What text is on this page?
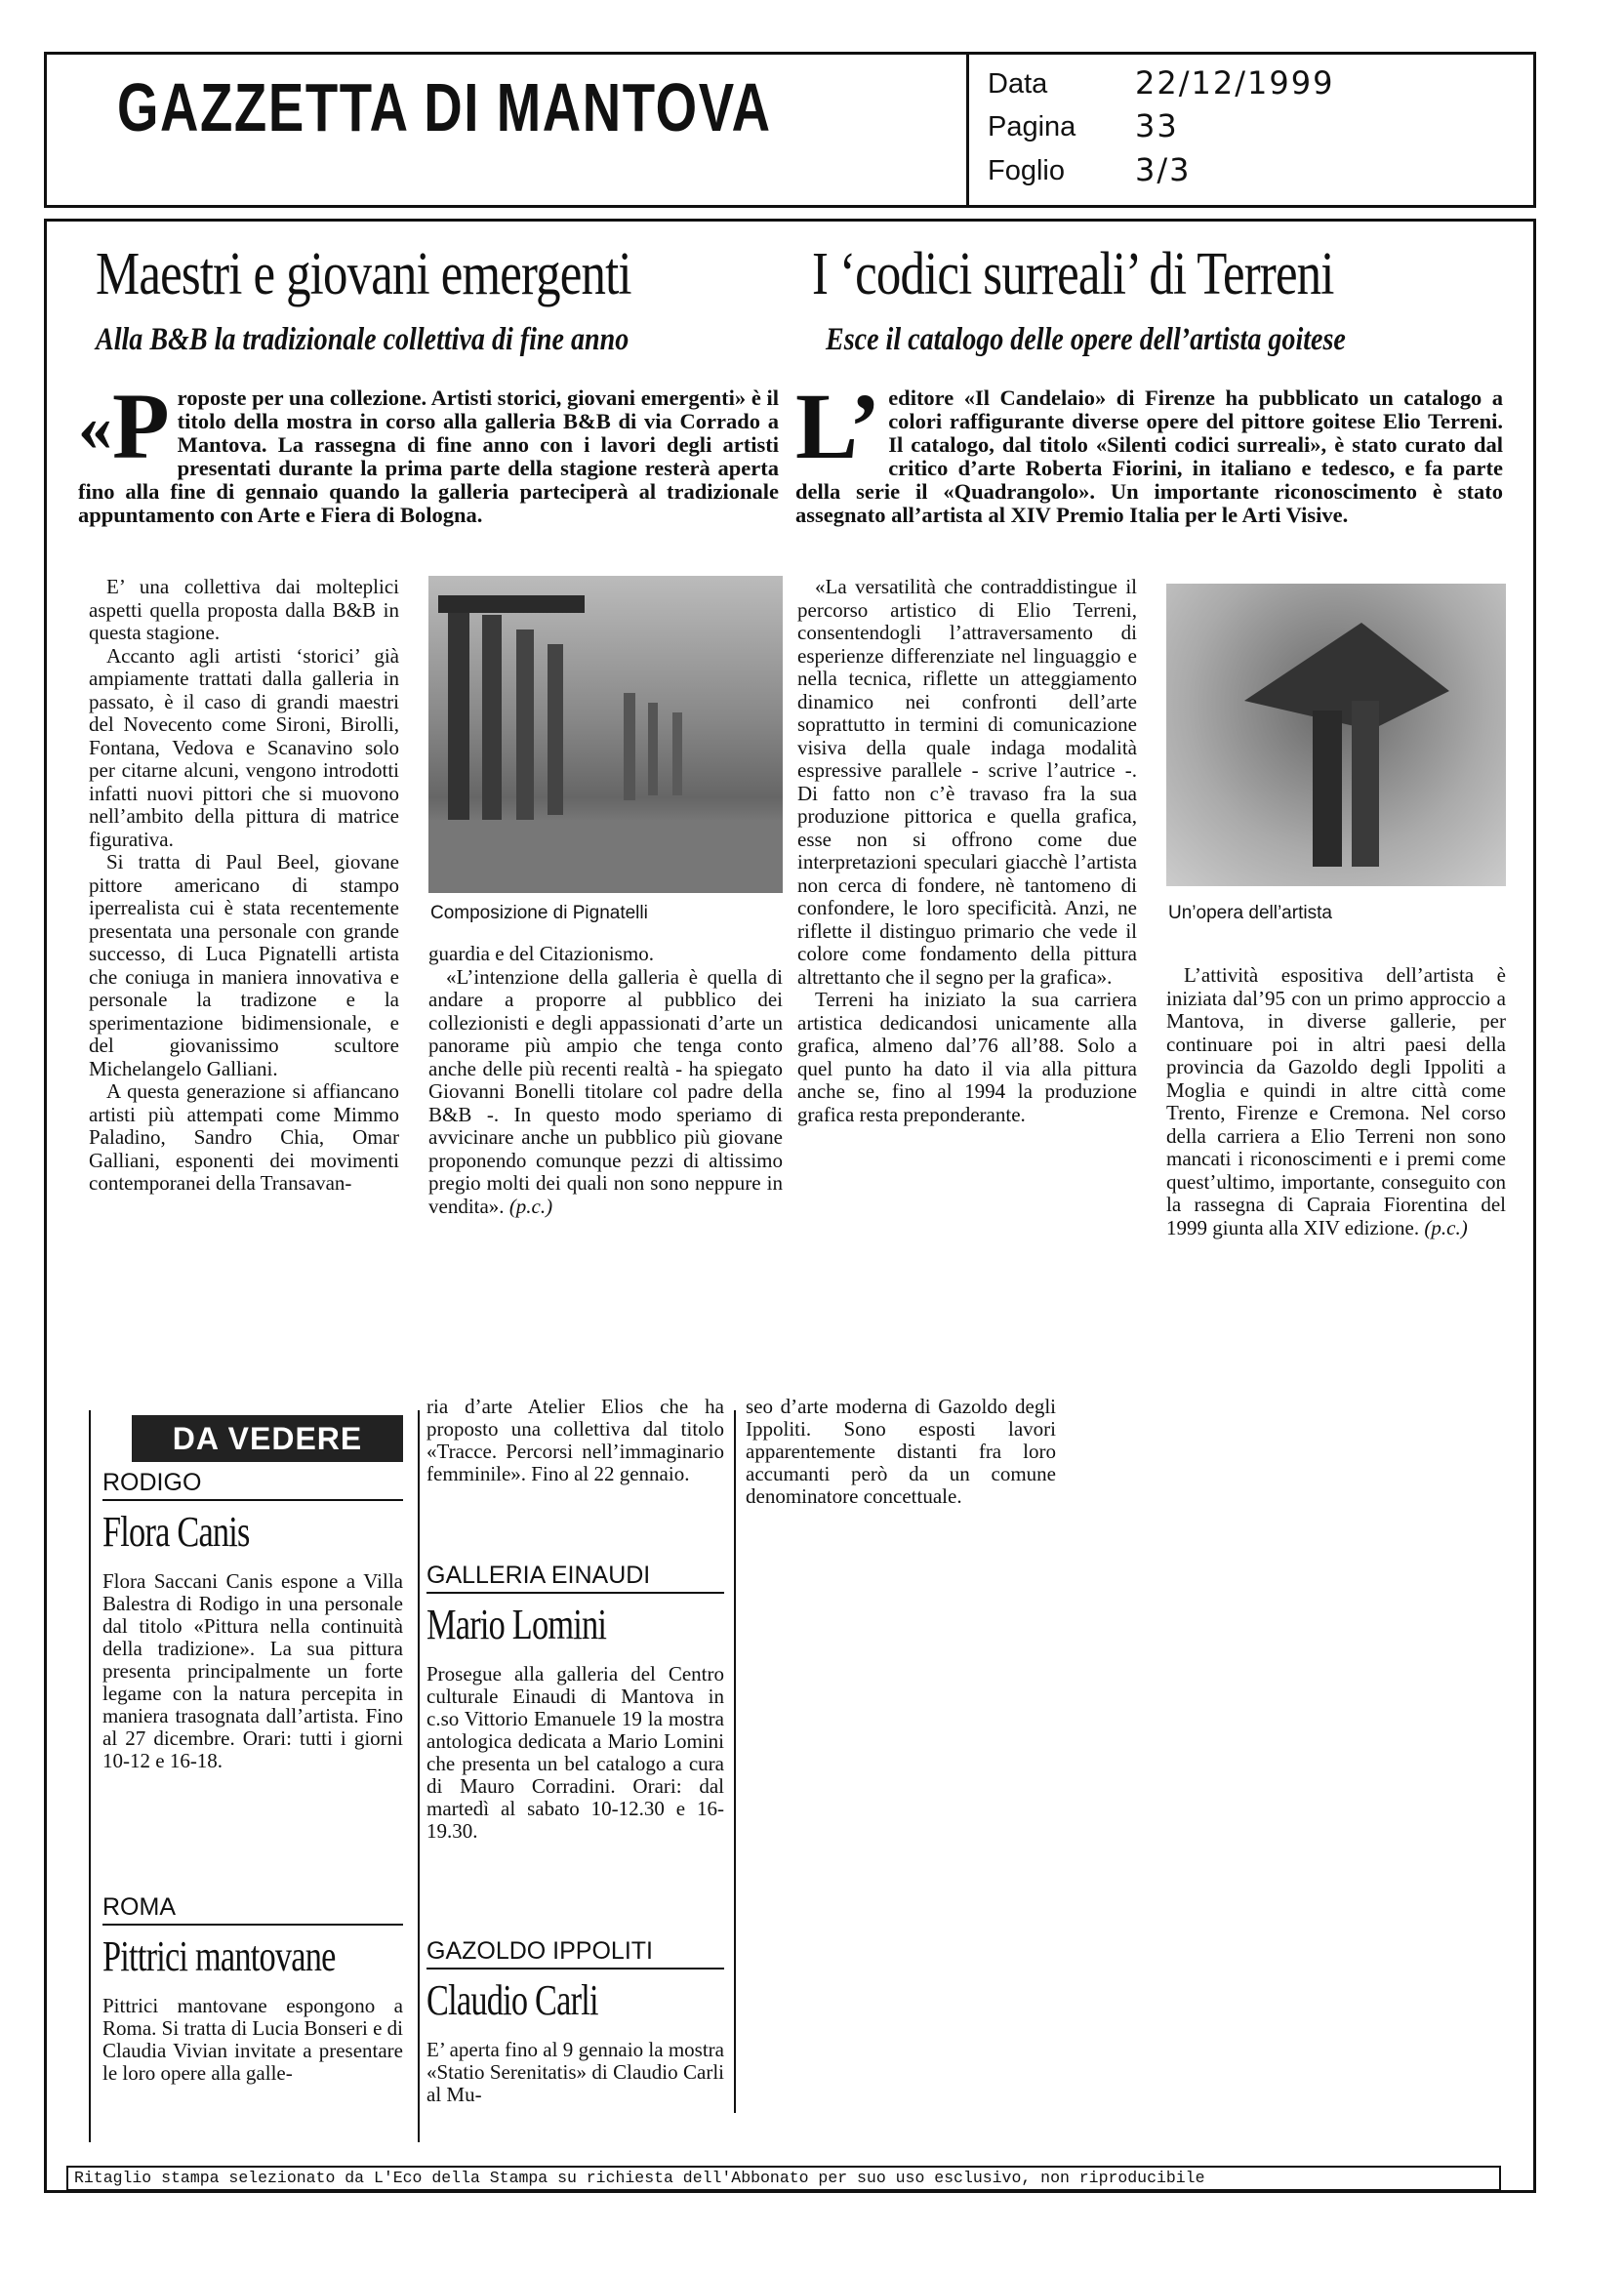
GAZZETTA DI MANTOVA	Data	22/12/1999
Pagina 33
Foglio 3/3
Maestri e giovani emergenti
Alla B&B la tradizionale collettiva di fine anno
« P roposte per una collezione. Artisti storici, giovani emergenti» è il titolo della mostra in corso alla galleria B&B di via Corrado a Mantova. La rassegna di fine anno con i lavori degli artisti presentati durante la prima parte della stagione resterà aperta fino alla fine di gennaio quando la galleria parteciperà al tradizionale appuntamento con Arte e Fiera di Bologna.

E’ una collettiva dai molteplici aspetti quella proposta dalla B&B in questa stagione.

Accanto agli artisti ‘storici’ già ampiamente trattati dalla galleria in passato, è il caso di grandi maestri del Novecento come Sironi, Birolli, Fontana, Vedova e Scanavino solo per citarne alcuni, vengono introdotti infatti nuovi pittori che si muovono nell’ambito della pittura di matrice figurativa.

Si tratta di Paul Beel, giovane pittore americano di stampo iperrealista cui è stata recentemente presentata una personale con grande successo, di Luca Pignatelli artista che coniuga in maniera innovativa e personale la tradizone e la sperimentazione bidimensionale, e del giovanissimo scultore Michelangelo Galliani.

A questa generazione si affiancano artisti più attempati come Mimmo Paladino, Sandro Chia, Omar Galliani, esponenti dei movimenti contemporanei della Transavan-

Composizione di Pignatelli

guardia e del Citazionismo.

«L’intenzione della galleria è quella di andare a proporre al pubblico dei collezionisti e degli appassionati d’arte un panorame più ampio che tenga conto anche delle più recenti realtà - ha spiegato Giovanni Bonelli titolare col padre della B&B -. In questo modo speriamo di avvicinare anche un pubblico più giovane proponendo comunque pezzi di altissimo pregio molti dei quali non sono neppure in vendita». (p.c.)

I ‘codici surreali’ di Terreni
Esce il catalogo delle opere dell’artista goitese
L’ editore «Il Candelaio» di Firenze ha pubblicato un catalogo a colori raffigurante diverse opere del pittore goitese Elio Terreni. Il catalogo, dal titolo «Silenti codici surreali», è stato curato dal critico d’arte Roberta Fiorini, in italiano e tedesco, e fa parte della serie il «Quadrangolo». Un importante riconoscimento è stato assegnato all’artista al XIV Premio Italia per le Arti Visive.

«La versatilità che contraddistingue il percorso artistico di Elio Terreni, consentendogli l’attraversamento di esperienze differenziate nel linguaggio e nella tecnica, riflette un atteggiamento dinamico nei confronti dell’arte soprattutto in termini di comunicazione visiva della quale indaga modalità espressive parallele - scrive l’autrice -. Di fatto non c’è travaso fra la sua produzione pittorica e quella grafica, esse non si offrono come due interpretazioni speculari giacchè l’artista non cerca di fondere, nè tantomeno di confondere, le loro specificità. Anzi, ne riflette il distinguo primario che vede il colore come fondamento della pittura altrettanto che il segno per la grafica».

Terreni ha iniziato la sua carriera artistica dedicandosi unicamente alla grafica, almeno dal’76 all’88. Solo a quel punto ha dato il via alla pittura anche se, fino al 1994 la produzione grafica resta preponderante.

Un’opera dell’artista

L’attività espositiva dell’artista è iniziata dal’95 con un primo approccio a Mantova, in diverse gallerie, per continuare poi in altri paesi della provincia da Gazoldo degli Ippoliti a Moglia e quindi in altre città come Trento, Firenze e Cremona. Nel corso della carriera a Elio Terreni non sono mancati i riconoscimenti e i premi come quest’ultimo, importante, conseguito con la rassegna di Capraia Fiorentina del 1999 giunta alla XIV edizione. (p.c.)

DA VEDERE
RODIGO
Flora Canis
Flora Saccani Canis espone a Villa Balestra di Rodigo in una personale dal titolo «Pittura nella continuità della tradizione». La sua pittura presenta principalmente un forte legame con la natura percepita in maniera trasognata dall’artista. Fino al 27 dicembre. Orari: tutti i giorni 10-12 e 16-18.
ROMA
Pittrici mantovane
Pittrici mantovane espongono a Roma. Si tratta di Lucia Bonseri e di Claudia Vivian invitate a presentare le loro opere alla galle-
ria d’arte Atelier Elios che ha proposto una collettiva dal titolo «Tracce. Percorsi nell’immaginario femminile». Fino al 22 gennaio.
GALLERIA EINAUDI
Mario Lomini
Prosegue alla galleria del Centro culturale Einaudi di Mantova in c.so Vittorio Emanuele 19 la mostra antologica dedicata a Mario Lomini che presenta un bel catalogo a cura di Mauro Corradini. Orari: dal martedì al sabato 10-12.30 e 16- 19.30.
GAZOLDO IPPOLITI
Claudio Carli
E’ aperta fino al 9 gennaio la mostra «Statio Serenitatis» di Claudio Carli al Mu-
seo d’arte moderna di Gazoldo degli Ippoliti. Sono esposti lavori apparentemente distanti fra loro accumanti però da un comune denominatore concettuale.
Ritaglio stampa selezionato da L'Eco della Stampa su richiesta dell'Abbonato per suo uso esclusivo, non riproducibile
